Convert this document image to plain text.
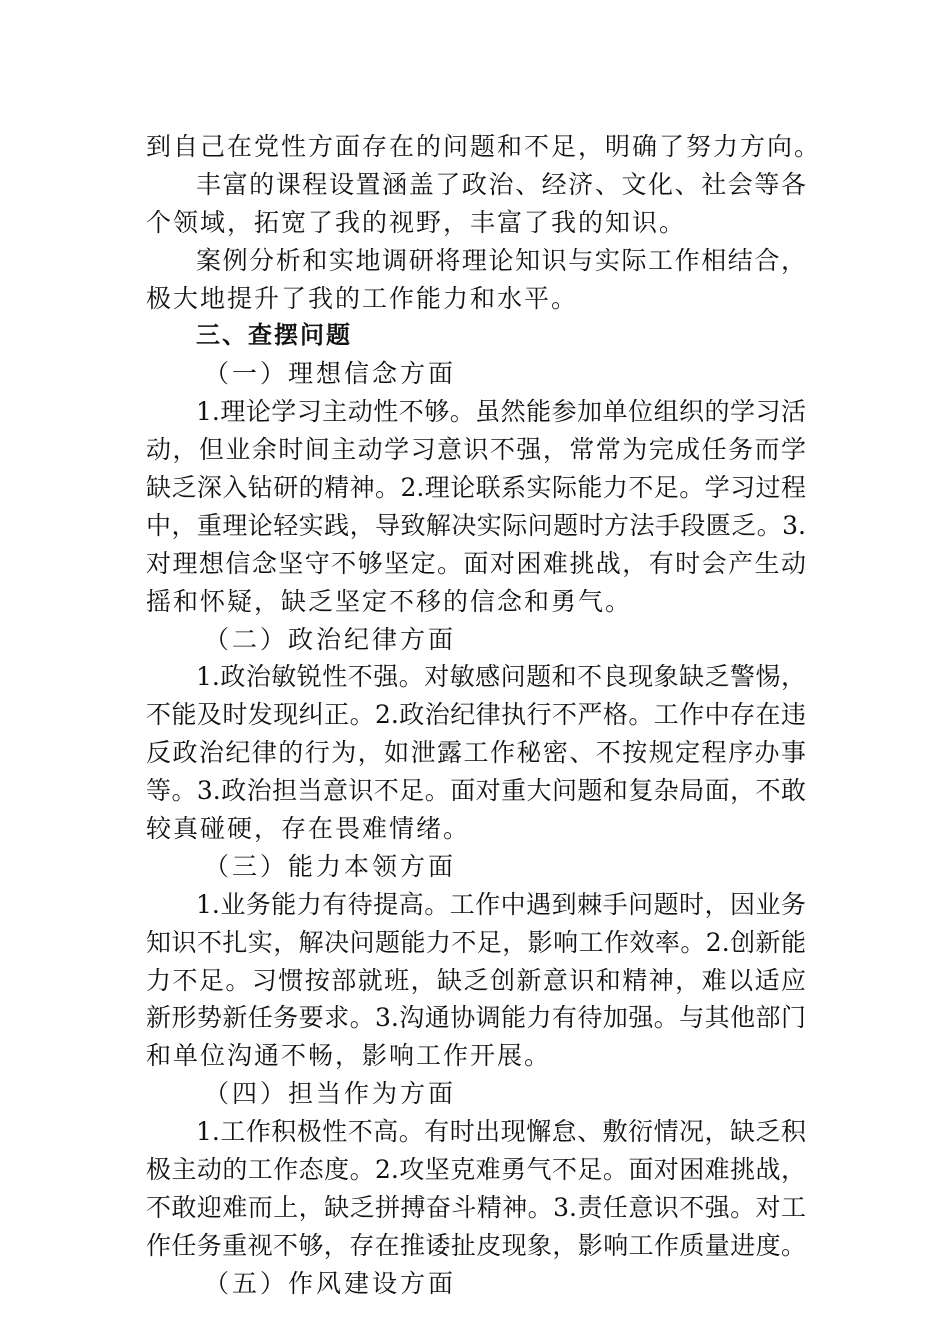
到自己在党性方面存在的问题和不足，明确了努力方向。
丰富的课程设置涵盖了政治、经济、文化、社会等各
个领域，拓宽了我的视野，丰富了我的知识。
案例分析和实地调研将理论知识与实际工作相结合，
极大地提升了我的工作能力和水平。
三、查摆问题
（一）理想信念方面
1.理论学习主动性不够。虽然能参加单位组织的学习活
动，但业余时间主动学习意识不强，常常为完成任务而学
缺乏深入钻研的精神。2.理论联系实际能力不足。学习过程
中，重理论轻实践，导致解决实际问题时方法手段匮乏。3.
对理想信念坚守不够坚定。面对困难挑战，有时会产生动
摇和怀疑，缺乏坚定不移的信念和勇气。
（二）政治纪律方面
1.政治敏锐性不强。对敏感问题和不良现象缺乏警惕，
不能及时发现纠正。2.政治纪律执行不严格。工作中存在违
反政治纪律的行为，如泄露工作秘密、不按规定程序办事
等。3.政治担当意识不足。面对重大问题和复杂局面，不敢
较真碰硬，存在畏难情绪。
（三）能力本领方面
1.业务能力有待提高。工作中遇到棘手问题时，因业务
知识不扎实，解决问题能力不足，影响工作效率。2.创新能
力不足。习惯按部就班，缺乏创新意识和精神，难以适应
新形势新任务要求。3.沟通协调能力有待加强。与其他部门
和单位沟通不畅，影响工作开展。
（四）担当作为方面
1.工作积极性不高。有时出现懈怠、敷衍情况，缺乏积
极主动的工作态度。2.攻坚克难勇气不足。面对困难挑战，
不敢迎难而上，缺乏拼搏奋斗精神。3.责任意识不强。对工
作任务重视不够，存在推诿扯皮现象，影响工作质量进度。
（五）作风建设方面
